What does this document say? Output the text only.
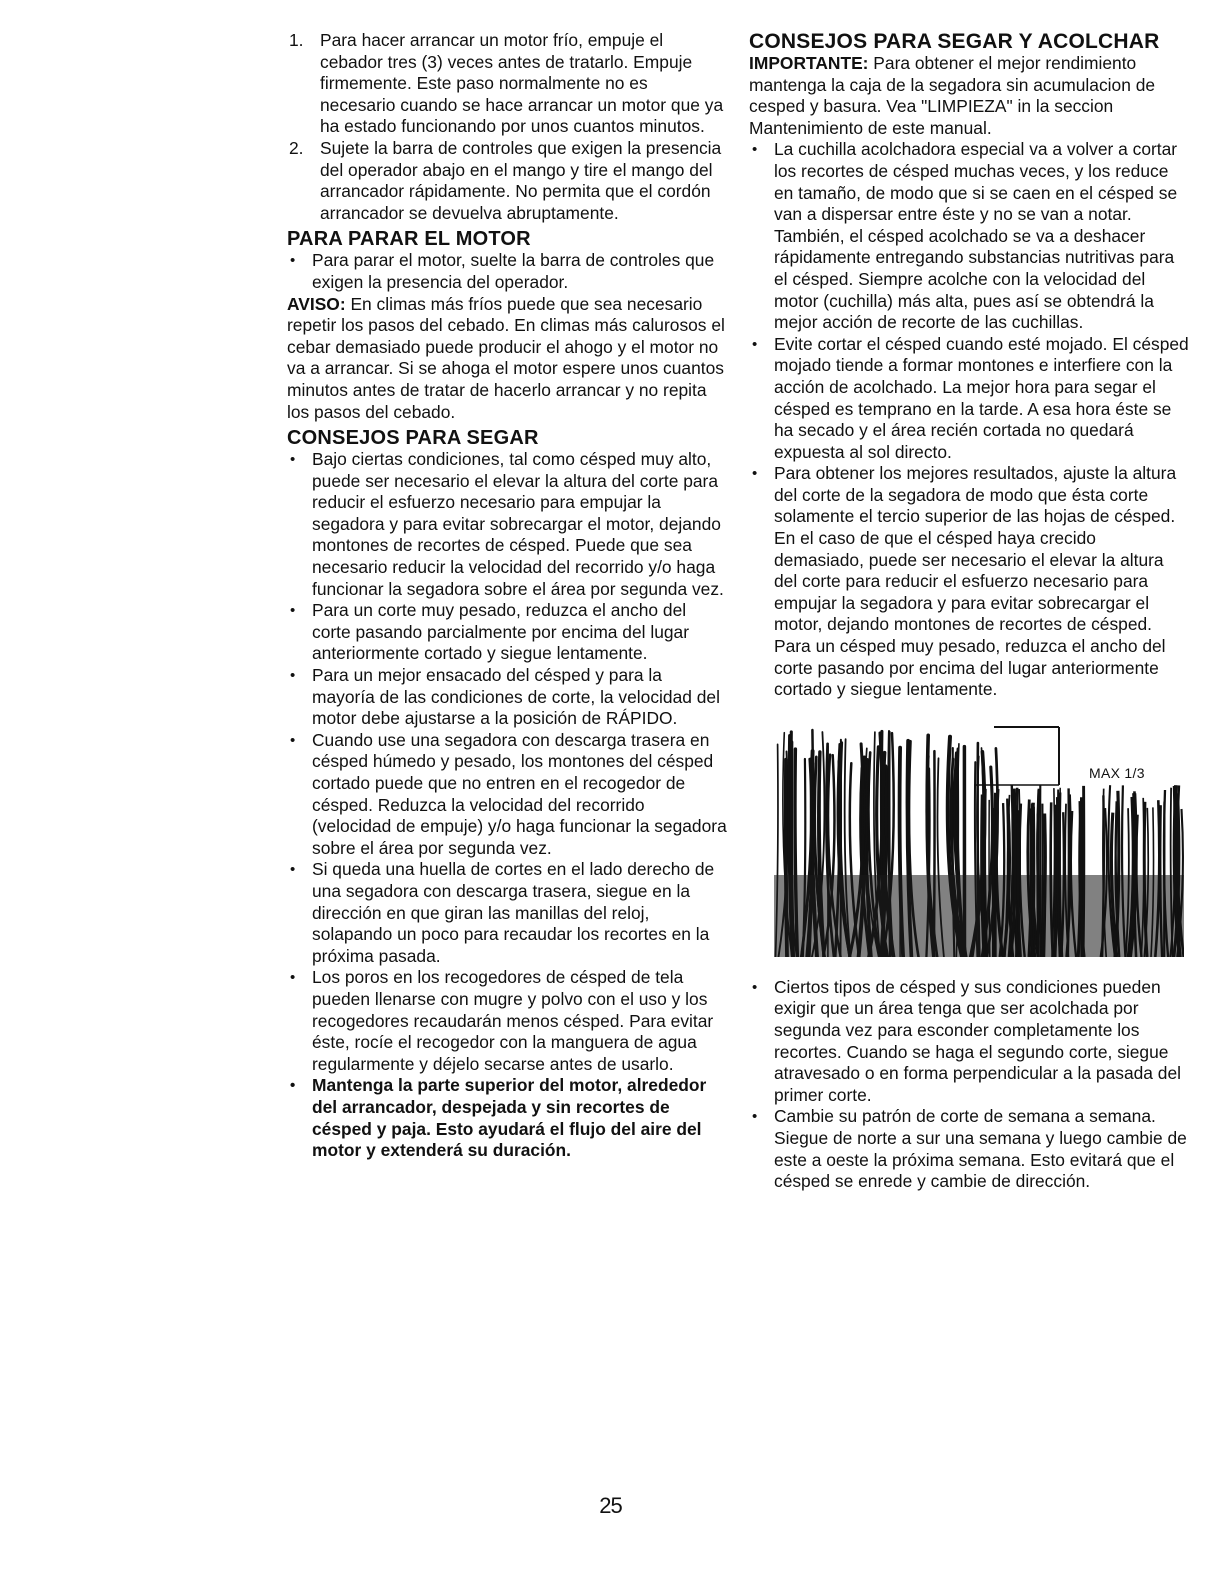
1. Para hacer arrancar un motor frío, empuje el cebador tres (3) veces antes de tratarlo. Empuje firmemente. Este paso normalmente no es necesario cuando se hace arrancar un motor que ya ha estado funcionando por unos cuantos minutos.
2. Sujete la barra de controles que exigen la presencia del operador abajo en el mango y tire el mango del arrancador rápidamente. No permita que el cordón arrancador se devuelva abruptamente.
PARA PARAR EL MOTOR
• Para parar el motor, suelte la barra de controles que exigen la presencia del operador.

AVISO: En climas más fríos puede que sea necesario repetir los pasos del cebado. En climas más calurosos el cebar demasiado puede producir el ahogo y el motor no va a arrancar. Si se ahoga el motor espere unos cuantos minutos antes de tratar de hacerlo arrancar y no repita los pasos del cebado.

CONSEJOS PARA SEGAR
• Bajo ciertas condiciones, tal como césped muy alto, puede ser necesario el elevar la altura del corte para reducir el esfuerzo necesario para empujar la segadora y para evitar sobrecargar el motor, dejando montones de recortes de césped. Puede que sea necesario reducir la velocidad del recorrido y/o haga funcionar la segadora sobre el área por segunda vez.
• Para un corte muy pesado, reduzca el ancho del corte pasando parcialmente por encima del lugar anteriormente cortado y siegue lentamente.
• Para un mejor ensacado del césped y para la mayoría de las condiciones de corte, la velocidad del motor debe ajustarse a la posición de RÁPIDO.
• Cuando use una segadora con descarga trasera en césped húmedo y pesado, los montones del césped cortado puede que no entren en el recogedor de césped. Reduzca la velocidad del recorrido (velocidad de empuje) y/o haga funcionar la segadora sobre el área por segunda vez.
• Si queda una huella de cortes en el lado derecho de una segadora con descarga trasera, siegue en la dirección en que giran las manillas del reloj, solapando un poco para recaudar los recortes en la próxima pasada.
• Los poros en los recogedores de césped de tela pueden llenarse con mugre y polvo con el uso y los recogedores recaudarán menos césped. Para evitar éste, rocíe el recogedor con la manguera de agua regularmente y déjelo secarse antes de usarlo.
• Mantenga la parte superior del motor, alrededor del arrancador, despejada y sin recortes de césped y paja. Esto ayudará el flujo del aire del motor y extenderá su duración.
CONSEJOS PARA SEGAR Y ACOLCHAR

IMPORTANTE: Para obtener el mejor rendimiento mantenga la caja de la segadora sin acumulacion de cesped y basura. Vea "LIMPIEZA" in la seccion Mantenimiento de este manual.

• La cuchilla acolchadora especial va a volver a cortar los recortes de césped muchas veces, y los reduce en tamaño, de modo que si se caen en el césped se van a dispersar entre éste y no se van a notar. También, el césped acolchado se va a deshacer rápidamente entregando substancias nutritivas para el césped. Siempre acolche con la velocidad del motor (cuchilla) más alta, pues así se obtendrá la mejor acción de recorte de las cuchillas.
• Evite cortar el césped cuando esté mojado. El césped mojado tiende a formar montones e interfiere con la acción de acolchado. La mejor hora para segar el césped es temprano en la tarde. A esa hora éste se ha secado y el área recién cortada no quedará expuesta al sol directo.
• Para obtener los mejores resultados, ajuste la altura del corte de la segadora de modo que ésta corte solamente el tercio superior de las hojas de césped. En el caso de que el césped haya crecido demasiado, puede ser necesario el elevar la altura del corte para reducir el esfuerzo necesario para empujar la segadora y para evitar sobrecargar el motor, dejando montones de recortes de césped. Para un césped muy pesado, reduzca el ancho del corte pasando por encima del lugar anteriormente cortado y siegue lentamente.
MAX 1/3
• Ciertos tipos de césped y sus condiciones pueden exigir que un área tenga que ser acolchada por segunda vez para esconder completamente los recortes. Cuando se haga el segundo corte, siegue atravesado o en forma perpendicular a la pasada del primer corte.
• Cambie su patrón de corte de semana a semana. Siegue de norte a sur una semana y luego cambie de este a oeste la próxima semana. Esto evitará que el césped se enrede y cambie de dirección.
25
